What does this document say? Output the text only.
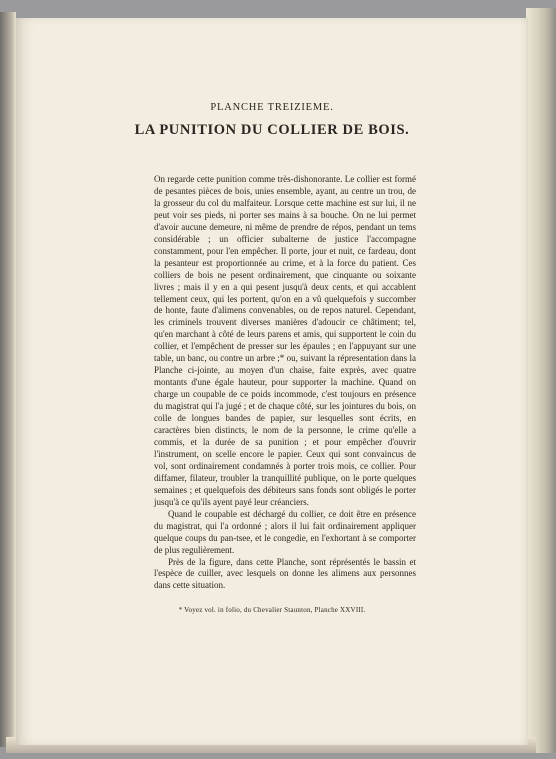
PLANCHE TREIZIEME.
LA PUNITION DU COLLIER DE BOIS.

On regarde cette punition comme très-dishonorante. Le collier est formé de pesantes pièces de bois, unies ensemble, ayant, au centre un trou, de la grosseur du col du malfaiteur. Lorsque cette machine est sur lui, il ne peut voir ses pieds, ni porter ses mains à sa bouche. On ne lui permet d'avoir aucune demeure, ni même de prendre de répos, pendant un tems considérable ; un officier subalterne de justice l'accompagne constamment, pour l'en empêcher. Il porte, jour et nuit, ce fardeau, dont la pesanteur est proportionnée au crime, et à la force du patient. Ces colliers de bois ne pesent ordinairement, que cinquante ou soixante livres ; mais il y en a qui pesent jusqu'à deux cents, et qui accablent tellement ceux, qui les portent, qu'on en a vû quelquefois y succomber de honte, faute d'alimens convenables, ou de repos naturel. Cependant, les criminels trouvent diverses manières d'adoucir ce châtiment; tel, qu'en marchant à côté de leurs parens et amis, qui supportent le coin du collier, et l'empêchent de presser sur les épaules ; en l'appuyant sur une table, un banc, ou contre un arbre ;* ou, suivant la répresentation dans la Planche ci-jointe, au moyen d'un chaise, faite exprès, avec quatre montants d'une égale hauteur, pour supporter la machine. Quand on charge un coupable de ce poids incommode, c'est toujours en présence du magistrat qui l'a jugé ; et de chaque côté, sur les jointures du bois, on colle de longues bandes de papier, sur lesquelles sont écrits, en caractères bien distincts, le nom de la personne, le crime qu'elle a commis, et la durée de sa punition ; et pour empêcher d'ouvrir l'instrument, on scelle encore le papier. Ceux qui sont convaincus de vol, sont ordinairement condamnés à porter trois mois, ce collier. Pour diffamer, filateur, troubler la tranquillité publique, on le porte quelques semaines ; et quelquefois des débiteurs sans fonds sont obligés le porter jusqu'à ce qu'ils ayent payé leur créanciers.

Quand le coupable est déchargé du collier, ce doit être en présence du magistrat, qui l'a ordonné ; alors il lui fait ordinairement appliquer quelque coups du pan-tsee, et le congedie, en l'exhortant à se comporter de plus regulièrement.

Près de la figure, dans cette Planche, sont réprésentés le bassin et l'espèce de cuiller, avec lesquels on donne les alimens aux personnes dans cette situation.

* Voyez vol. in folio, du Chevalier Staunton, Planche XXVIII.
